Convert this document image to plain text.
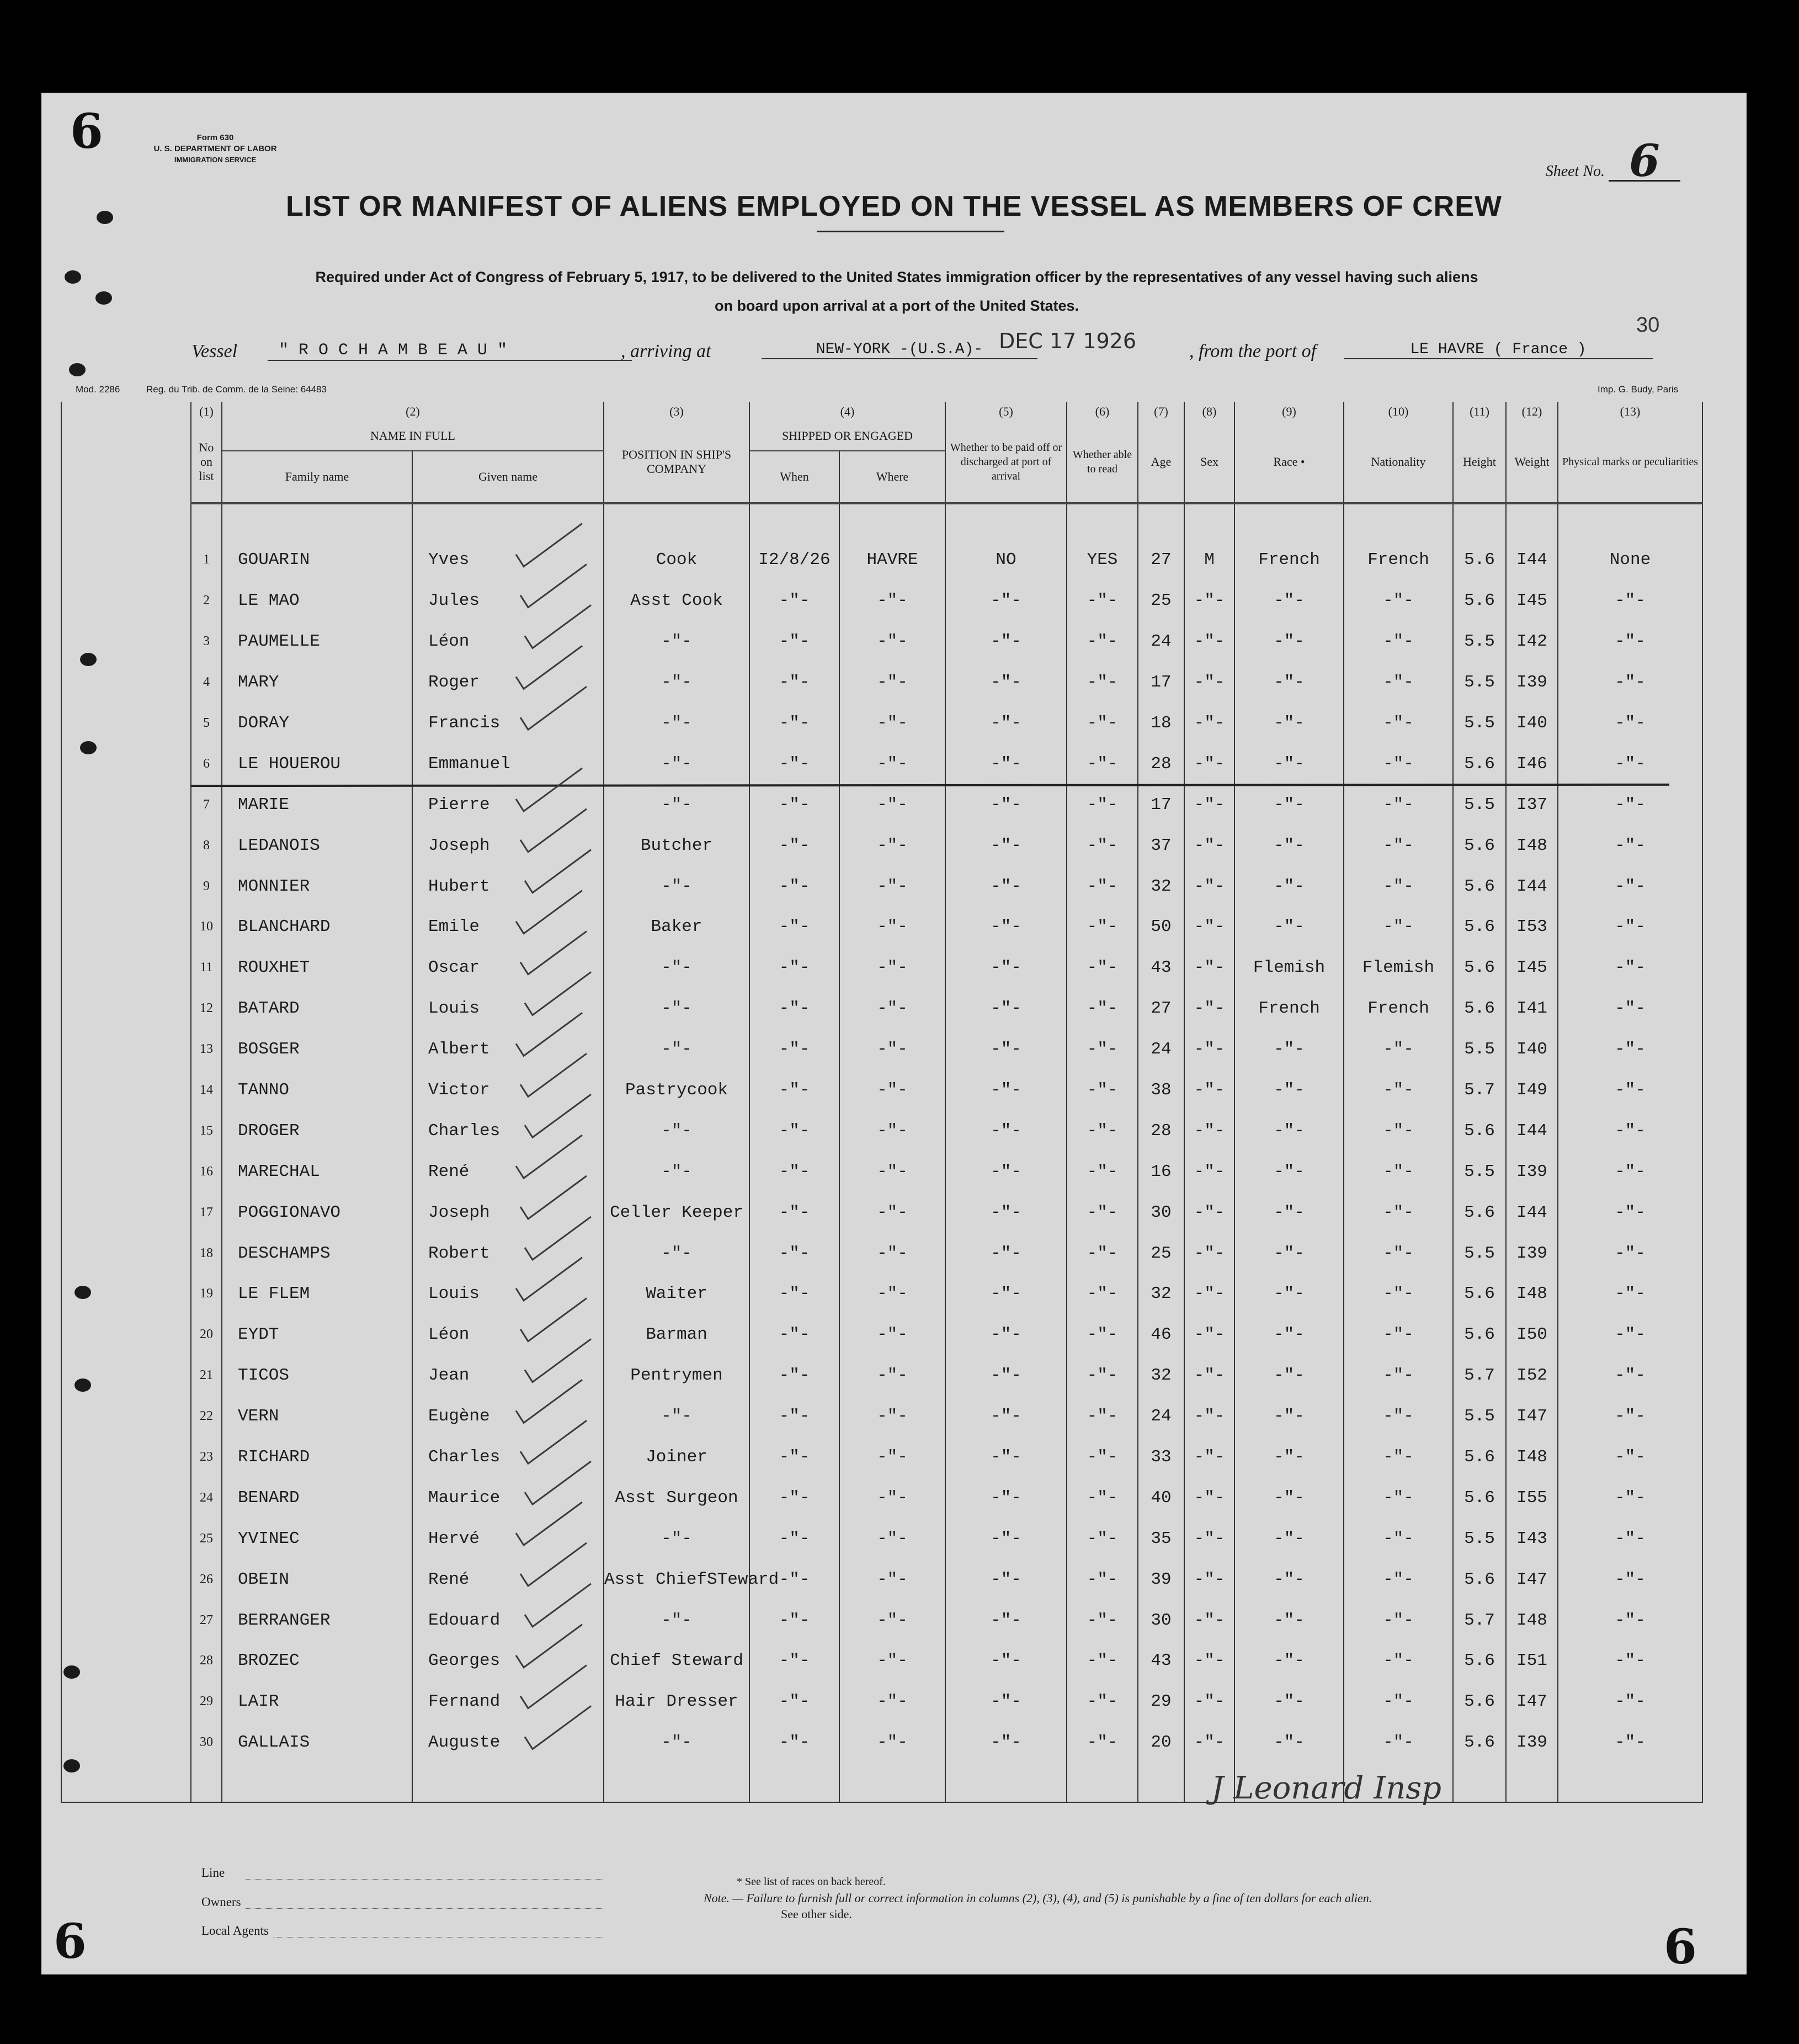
6	Form 630
U. S. DEPARTMENT OF LABOR
IMMIGRATION SERVICE
Sheet No. 6
LIST OR MANIFEST OF ALIENS EMPLOYED ON THE VESSEL AS MEMBERS OF CREW
Required under Act of Congress of February 5, 1917, to be delivered to the United States immigration officer by the representatives of any vessel having such aliens
on board upon arrival at a port of the United States.
30
Vessel	" R O C H A M B E A U "	, arriving at	NEW-YORK -(U.S.A)- DEC 17 1926	, from the port of	LE HAVRE ( France )
Mod. 2286	Reg. du Trib. de Comm. de la Seine: 64483	Imp. G. Budy, Paris
	(1)	(2)		(3)	(4)		(5)	(6)	(7)	(8)	(9)	(10)	(11)	(12)	(13)
	No on list	NAME IN FULL		POSITION IN SHIP'S COMPANY	SHIPPED OR ENGAGED		Whether to be paid off or discharged at port of arrival	Whether able to read	Age	Sex	Race •	Nationality	Height	Weight	Physical marks or peculiarities
		Family name	Given name		When	Where									

	1	GOUARIN	Yves	Cook	I2/8/26	HAVRE	NO	YES	27	M	French	French	5.6	I44	None
	2	LE MAO	Jules	Asst Cook	-"-	-"-	-"-	-"-	25	-"-	-"-	-"-	5.6	I45	-"-
	3	PAUMELLE	Léon	-"-	-"-	-"-	-"-	-"-	24	-"-	-"-	-"-	5.5	I42	-"-
	4	MARY	Roger	-"-	-"-	-"-	-"-	-"-	17	-"-	-"-	-"-	5.5	I39	-"-
	5	DORAY	Francis	-"-	-"-	-"-	-"-	-"-	18	-"-	-"-	-"-	5.5	I40	-"-
	6	LE HOUEROU	Emmanuel	-"-	-"-	-"-	-"-	-"-	28	-"-	-"-	-"-	5.6	I46	-"-
	7	MARIE	Pierre	-"-	-"-	-"-	-"-	-"-	17	-"-	-"-	-"-	5.5	I37	-"-
	8	LEDANOIS	Joseph	Butcher	-"-	-"-	-"-	-"-	37	-"-	-"-	-"-	5.6	I48	-"-
	9	MONNIER	Hubert	-"-	-"-	-"-	-"-	-"-	32	-"-	-"-	-"-	5.6	I44	-"-
	10	BLANCHARD	Emile	Baker	-"-	-"-	-"-	-"-	50	-"-	-"-	-"-	5.6	I53	-"-
	11	ROUXHET	Oscar	-"-	-"-	-"-	-"-	-"-	43	-"-	Flemish	Flemish	5.6	I45	-"-
	12	BATARD	Louis	-"-	-"-	-"-	-"-	-"-	27	-"-	French	French	5.6	I41	-"-
	13	BOSGER	Albert	-"-	-"-	-"-	-"-	-"-	24	-"-	-"-	-"-	5.5	I40	-"-
	14	TANNO	Victor	Pastrycook	-"-	-"-	-"-	-"-	38	-"-	-"-	-"-	5.7	I49	-"-
	15	DROGER	Charles	-"-	-"-	-"-	-"-	-"-	28	-"-	-"-	-"-	5.6	I44	-"-
	16	MARECHAL	René	-"-	-"-	-"-	-"-	-"-	16	-"-	-"-	-"-	5.5	I39	-"-
	17	POGGIONAVO	Joseph	Celler Keeper	-"-	-"-	-"-	-"-	30	-"-	-"-	-"-	5.6	I44	-"-
	18	DESCHAMPS	Robert	-"-	-"-	-"-	-"-	-"-	25	-"-	-"-	-"-	5.5	I39	-"-
	19	LE FLEM	Louis	Waiter	-"-	-"-	-"-	-"-	32	-"-	-"-	-"-	5.6	I48	-"-
	20	EYDT	Léon	Barman	-"-	-"-	-"-	-"-	46	-"-	-"-	-"-	5.6	I50	-"-
	21	TICOS	Jean	Pentrymen	-"-	-"-	-"-	-"-	32	-"-	-"-	-"-	5.7	I52	-"-
	22	VERN	Eugène	-"-	-"-	-"-	-"-	-"-	24	-"-	-"-	-"-	5.5	I47	-"-
	23	RICHARD	Charles	Joiner	-"-	-"-	-"-	-"-	33	-"-	-"-	-"-	5.6	I48	-"-
	24	BENARD	Maurice	Asst Surgeon	-"-	-"-	-"-	-"-	40	-"-	-"-	-"-	5.6	I55	-"-
	25	YVINEC	Hervé	-"-	-"-	-"-	-"-	-"-	35	-"-	-"-	-"-	5.5	I43	-"-
	26	OBEIN	René	Asst ChiefSTeward	-"-	-"-	-"-	-"-	39	-"-	-"-	-"-	5.6	I47	-"-
	27	BERRANGER	Edouard	-"-	-"-	-"-	-"-	-"-	30	-"-	-"-	-"-	5.7	I48	-"-
	28	BROZEC	Georges	Chief Steward	-"-	-"-	-"-	-"-	43	-"-	-"-	-"-	5.6	I51	-"-
	29	LAIR	Fernand	Hair Dresser	-"-	-"-	-"-	-"-	29	-"-	-"-	-"-	5.6	I47	-"-
	30	GALLAIS	Auguste	-"-	-"-	-"-	-"-	-"-	20	-"-	-"-	-"-	5.6	I39	-"-

J Leonard Insp
Line
Owners
Local Agents
* See list of races on back hereof.
Note. — Failure to furnish full or correct information in columns (2), (3), (4), and (5) is punishable by a fine of ten dollars for each alien.
See other side.
6	6
